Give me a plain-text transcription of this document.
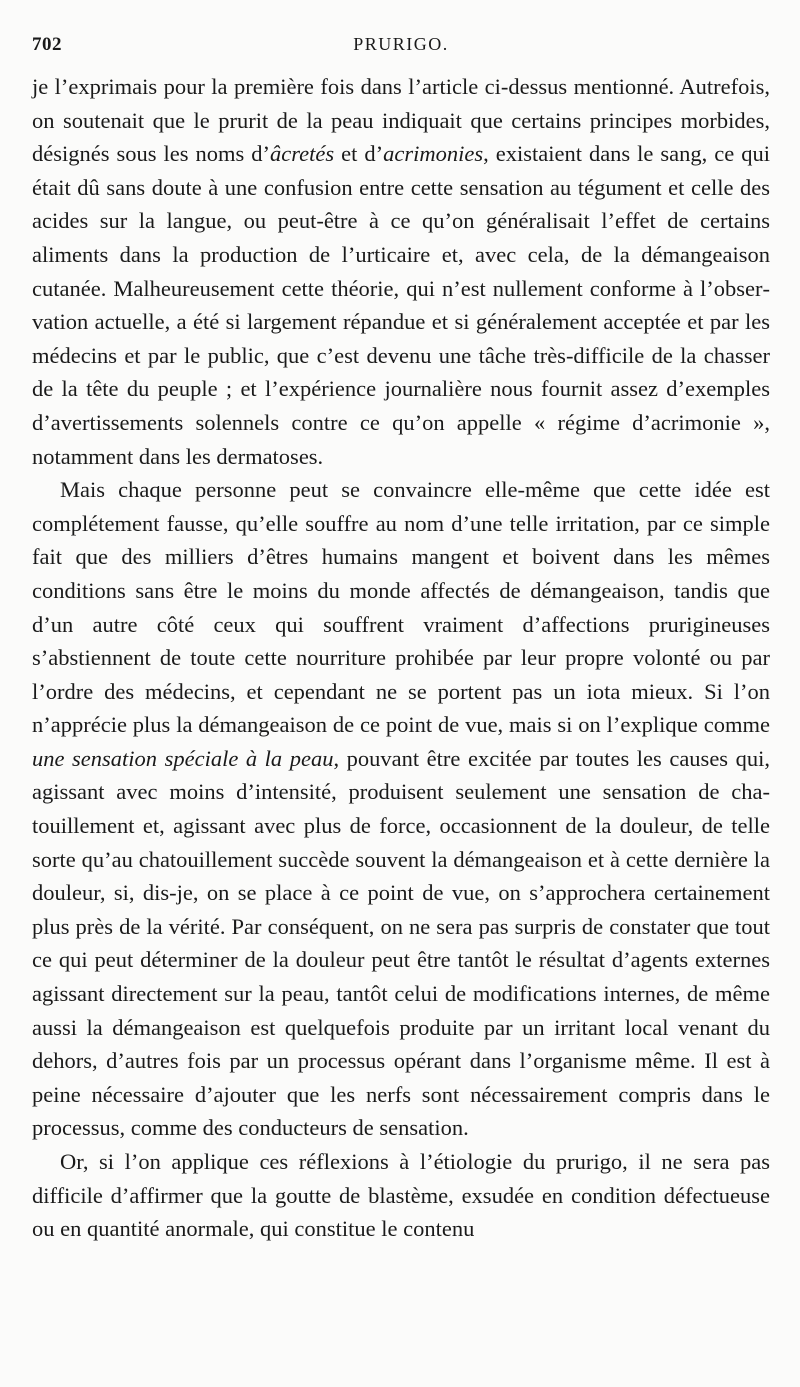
702	PRURIGO.

je l’exprimais pour la première fois dans l’article ci-dessus mentionné. Autrefois, on soutenait que le prurit de la peau indiquait que certains principes morbides, désignés sous les noms d’âcretés et d’acrimonies, existaient dans le sang, ce qui était dû sans doute à une confusion entre cette sensation au tégument et celle des acides sur la langue, ou peut-être à ce qu’on généralisait l’effet de certains aliments dans la production de l’urticaire et, avec cela, de la démangeaison cutanée. Malheureusement cette théorie, qui n’est nullement conforme à l’observation actuelle, a été si largement répandue et si généralement acceptée et par les médecins et par le public, que c’est devenu une tâche très-difficile de la chasser de la tête du peuple ; et l’expérience journalière nous fournit assez d’exemples d’avertissements solennels contre ce qu’on appelle « régime d’acrimonie », notamment dans les dermatoses.

Mais chaque personne peut se convaincre elle-même que cette idée est complétement fausse, qu’elle souffre au nom d’une telle irritation, par ce simple fait que des milliers d’êtres humains mangent et boivent dans les mêmes conditions sans être le moins du monde affectés de démangeaison, tandis que d’un autre côté ceux qui souffrent vraiment d’affections prurigineuses s’abstiennent de toute cette nourriture prohibée par leur propre volonté ou par l’ordre des médecins, et cependant ne se portent pas un iota mieux. Si l’on n’apprécie plus la démangeaison de ce point de vue, mais si on l’explique comme une sensation spéciale à la peau, pouvant être excitée par toutes les causes qui, agissant avec moins d’intensité, produisent seulement une sensation de chatouillement et, agissant avec plus de force, occasionnent de la douleur, de telle sorte qu’au chatouillement succède souvent la démangeaison et à cette dernière la douleur, si, dis-je, on se place à ce point de vue, on s’approchera certainement plus près de la vérité. Par conséquent, on ne sera pas surpris de constater que tout ce qui peut déterminer de la douleur peut être tantôt le résultat d’agents externes agissant directement sur la peau, tantôt celui de modifications internes, de même aussi la démangeaison est quelquefois produite par un irritant local venant du dehors, d’autres fois par un processus opérant dans l’organisme même. Il est à peine nécessaire d’ajouter que les nerfs sont nécessairement compris dans le processus, comme des conducteurs de sensation.

Or, si l’on applique ces réflexions à l’étiologie du prurigo, il ne sera pas difficile d’affirmer que la goutte de blastème, exsudée en condition défectueuse ou en quantité anormale, qui constitue le contenu
